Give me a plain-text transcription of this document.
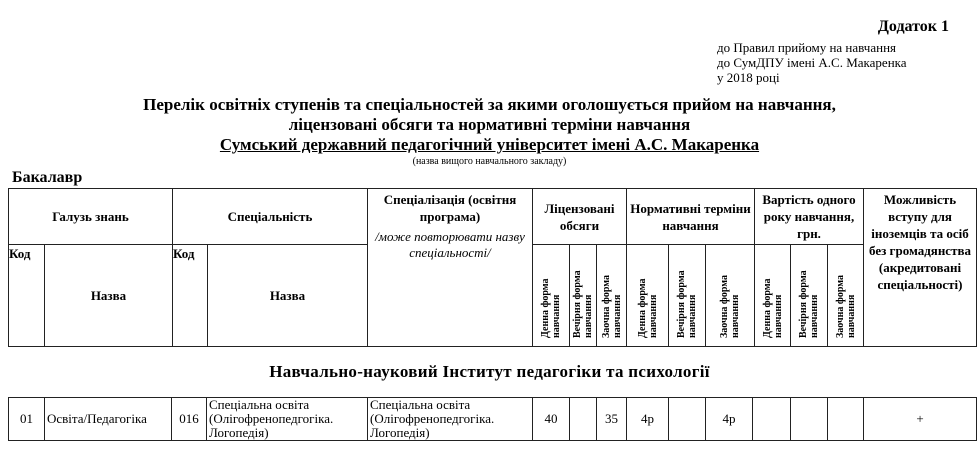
Додаток 1
до Правил прийому на навчання
до СумДПУ імені А.С. Макаренка
у 2018 році
Перелік освітніх ступенів та спеціальностей за якими оголошується прийом на навчання,
ліцензовані обсяги та нормативні терміни навчання
Сумський державний педагогічний університет імені А.С. Макаренка
(назва вищого навчального закладу)
Бакалавр
Галузь знань		Спеціальність		Спеціалізація (освітня програма)
/може повторювати назву спеціальності/	Ліцензовані обсяги			Нормативні терміни навчання			Вартість одного року навчання, грн.			Можливість вступу для іноземців та осіб без громадянства (акредитовані спеціальності)
Код	Назва	Код	Назва		Денна форма навчання	Вечірня форма навчання	Заочна форма навчання	Денна форма навчання	Вечірня форма навчання	Заочна форма навчання	Денна форма навчання	Вечірня форма навчання	Заочна форма навчання	
Навчально-науковий Інститут педагогіки та психології
01	Освіта/Педагогіка	016	Спеціальна освіта (Олігофренопедгогіка. Логопедія)	Спеціальна освіта (Олігофренопедгогіка. Логопедія)	40		35	4р		4р				+
